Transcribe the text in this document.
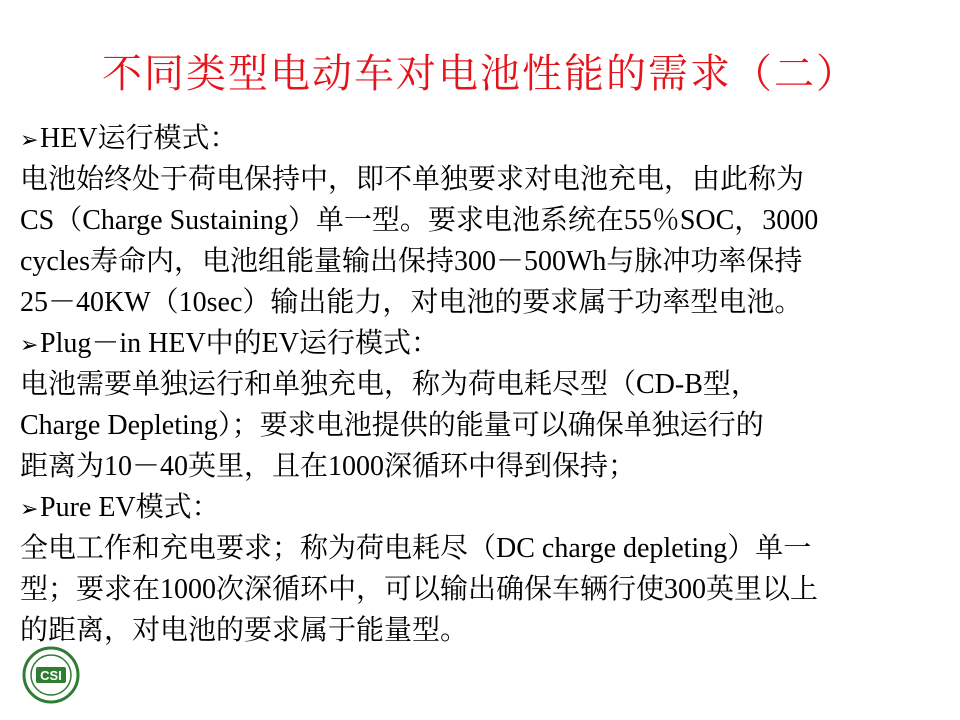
不同类型电动车对电池性能的需求（二）
➢HEV运行模式：
电池始终处于荷电保持中，即不单独要求对电池充电，由此称为
CS（Charge Sustaining）单一型。要求电池系统在55％SOC，3000
cycles寿命内，电池组能量输出保持300－500Wh与脉冲功率保持
25－40KW（10sec）输出能力，对电池的要求属于功率型电池。
➢Plug－in HEV中的EV运行模式：
电池需要单独运行和单独充电，称为荷电耗尽型（CD-B型，
Charge Depleting）；要求电池提供的能量可以确保单独运行的
距离为10－40英里，且在1000深循环中得到保持；
➢Pure EV模式：
全电工作和充电要求；称为荷电耗尽（DC charge depleting）单一
型；要求在1000次深循环中，可以输出确保车辆行使300英里以上
的距离，对电池的要求属于能量型。
CSI
